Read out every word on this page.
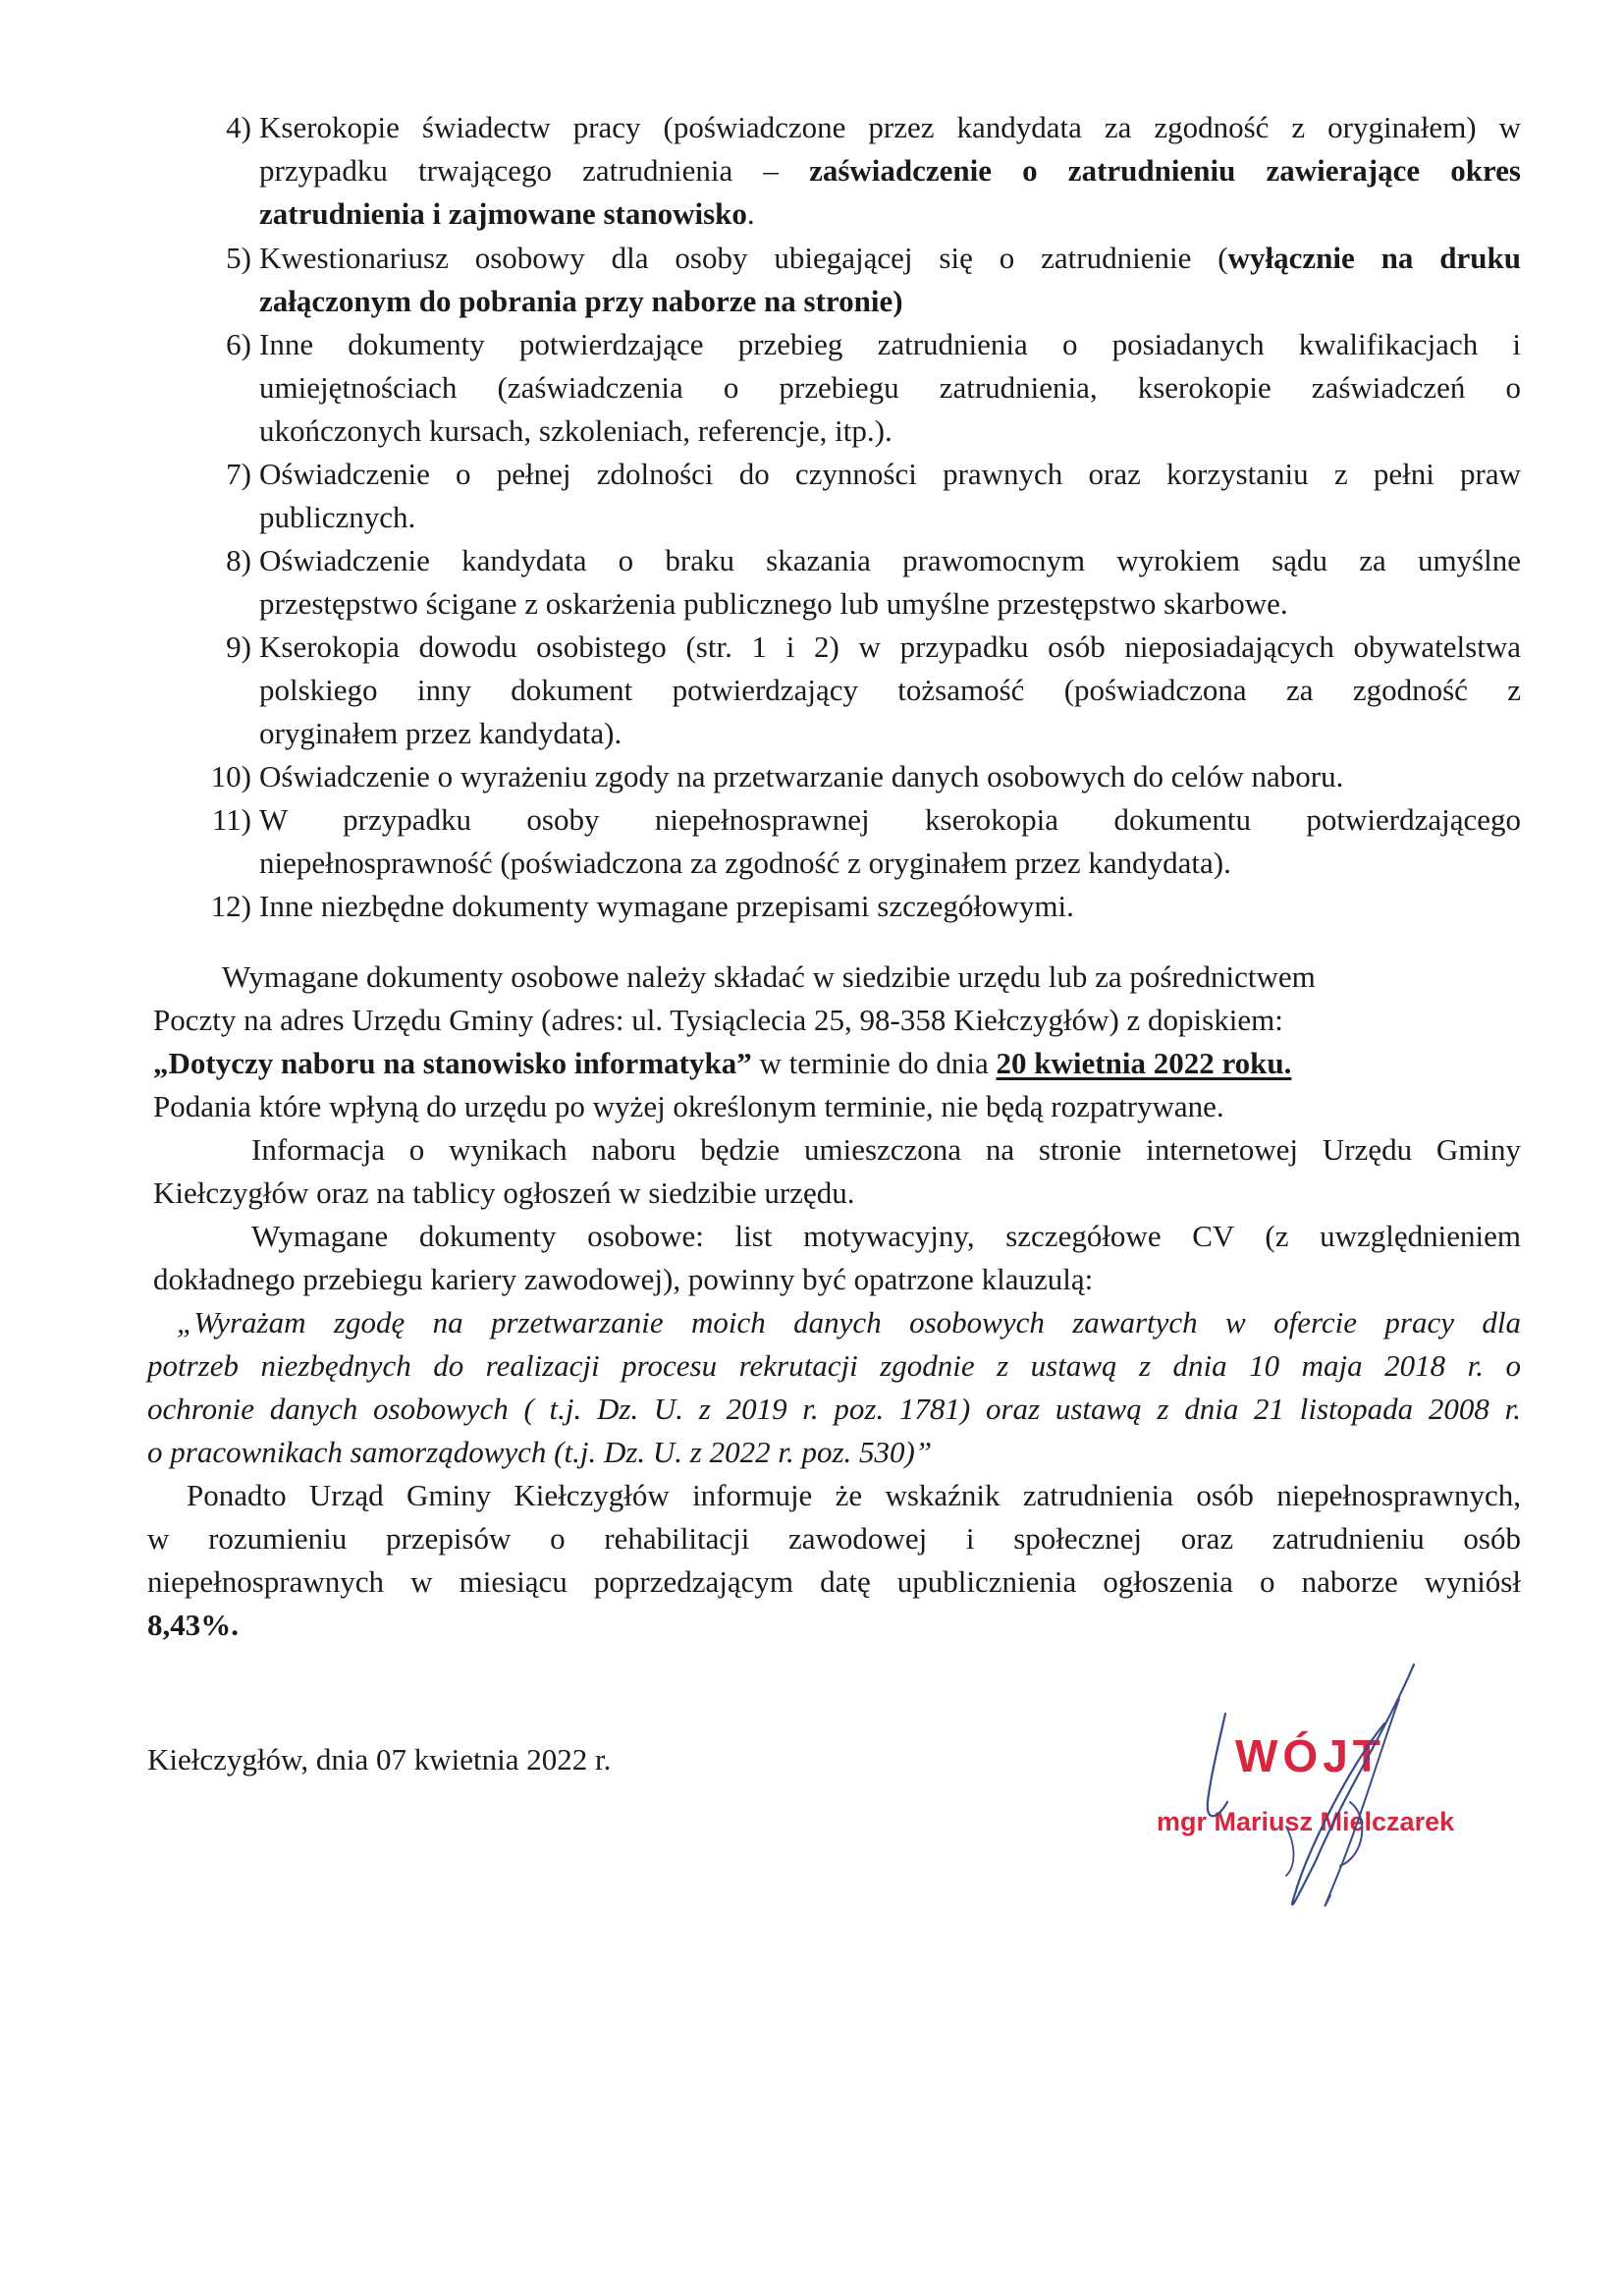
4) Kserokopie świadectw pracy (poświadczone przez kandydata za zgodność z oryginałem) w
przypadku trwającego zatrudnienia – zaświadczenie o zatrudnieniu zawierające okres
zatrudnienia i zajmowane stanowisko.
5) Kwestionariusz osobowy dla osoby ubiegającej się o zatrudnienie (wyłącznie na druku
załączonym do pobrania przy naborze na stronie)
6) Inne dokumenty potwierdzające przebieg zatrudnienia o posiadanych kwalifikacjach i
umiejętnościach (zaświadczenia o przebiegu zatrudnienia, kserokopie zaświadczeń o
ukończonych kursach, szkoleniach, referencje, itp.).
7) Oświadczenie o pełnej zdolności do czynności prawnych oraz korzystaniu z pełni praw
publicznych.
8) Oświadczenie kandydata o braku skazania prawomocnym wyrokiem sądu za umyślne
przestępstwo ścigane z oskarżenia publicznego lub umyślne przestępstwo skarbowe.
9) Kserokopia dowodu osobistego (str. 1 i 2) w przypadku osób nieposiadających obywatelstwa
polskiego inny dokument potwierdzający tożsamość (poświadczona za zgodność z
oryginałem przez kandydata).
10) Oświadczenie o wyrażeniu zgody na przetwarzanie danych osobowych do celów naboru.
11) W przypadku osoby niepełnosprawnej kserokopia dokumentu potwierdzającego
niepełnosprawność (poświadczona za zgodność z oryginałem przez kandydata).
12) Inne niezbędne dokumenty wymagane przepisami szczegółowymi.
Wymagane dokumenty osobowe należy składać w siedzibie urzędu lub za pośrednictwem
Poczty na adres Urzędu Gminy (adres: ul. Tysiąclecia 25, 98-358 Kiełczygłów) z dopiskiem:
„Dotyczy naboru na stanowisko informatyka” w terminie do dnia 20 kwietnia 2022 roku.
Podania które wpłyną do urzędu po wyżej określonym terminie, nie będą rozpatrywane.
Informacja o wynikach naboru będzie umieszczona na stronie internetowej Urzędu Gminy
Kiełczygłów oraz na tablicy ogłoszeń w siedzibie urzędu.
Wymagane dokumenty osobowe: list motywacyjny, szczegółowe CV (z uwzględnieniem
dokładnego przebiegu kariery zawodowej), powinny być opatrzone klauzulą:
„Wyrażam zgodę na przetwarzanie moich danych osobowych zawartych w ofercie pracy dla
potrzeb niezbędnych do realizacji procesu rekrutacji zgodnie z ustawą z dnia 10 maja 2018 r. o
ochronie danych osobowych ( t.j. Dz. U. z 2019 r. poz. 1781) oraz ustawą z dnia 21 listopada 2008 r.
o pracownikach samorządowych (t.j. Dz. U. z 2022 r. poz. 530)”
Ponadto Urząd Gminy Kiełczygłów informuje że wskaźnik zatrudnienia osób niepełnosprawnych,
w rozumieniu przepisów o rehabilitacji zawodowej i społecznej oraz zatrudnieniu osób
niepełnosprawnych w miesiącu poprzedzającym datę upublicznienia ogłoszenia o naborze wyniósł
8,43%.
Kiełczygłów, dnia 07 kwietnia 2022 r.	WÓJT
mgr Mariusz Mielczarek
